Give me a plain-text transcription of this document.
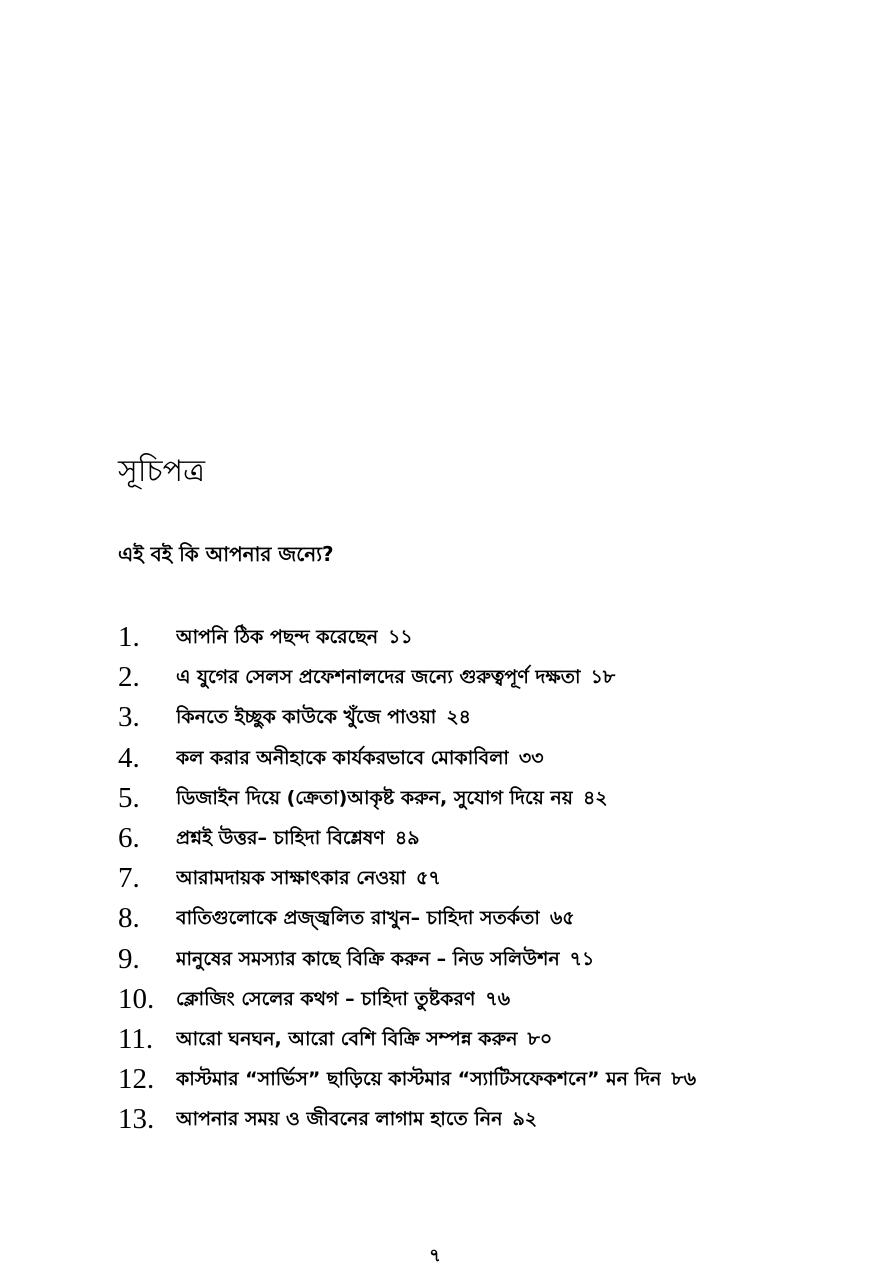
সূচিপত্র
এই বই কি আপনার জন্যে?
1.	আপনি ঠিক পছন্দ করেছেন ১১
2.	এ যুগের সেলস প্রফেশনালদের জন্যে গুরুত্বপূর্ণ দক্ষতা ১৮
3.	কিনতে ইচ্ছুক কাউকে খুঁজে পাওয়া ২৪
4.	কল করার অনীহাকে কার্যকরভাবে মোকাবিলা ৩৩
5.	ডিজাইন দিয়ে (ক্রেতা)আকৃষ্ট করুন, সুযোগ দিয়ে নয় ৪২
6.	প্রশ্নই উত্তর– চাহিদা বিশ্লেষণ ৪৯
7.	আরামদায়ক সাক্ষাৎকার নেওয়া ৫৭
8.	বাতিগুলোকে প্রজ্জ্বলিত রাখুন– চাহিদা সতর্কতা ৬৫
9.	মানুষের সমস্যার কাছে বিক্রি করুন – নিড সলিউশন ৭১
10.	ক্লোজিং সেলের কথগ – চাহিদা তুষ্টকরণ ৭৬
11.	আরো ঘনঘন, আরো বেশি বিক্রি সম্পন্ন করুন ৮০
12.	কাস্টমার “সার্ভিস” ছাড়িয়ে কাস্টমার “স্যাটিসফেকশনে” মন দিন ৮৬
13.	আপনার সময় ও জীবনের লাগাম হাতে নিন ৯২
৭
